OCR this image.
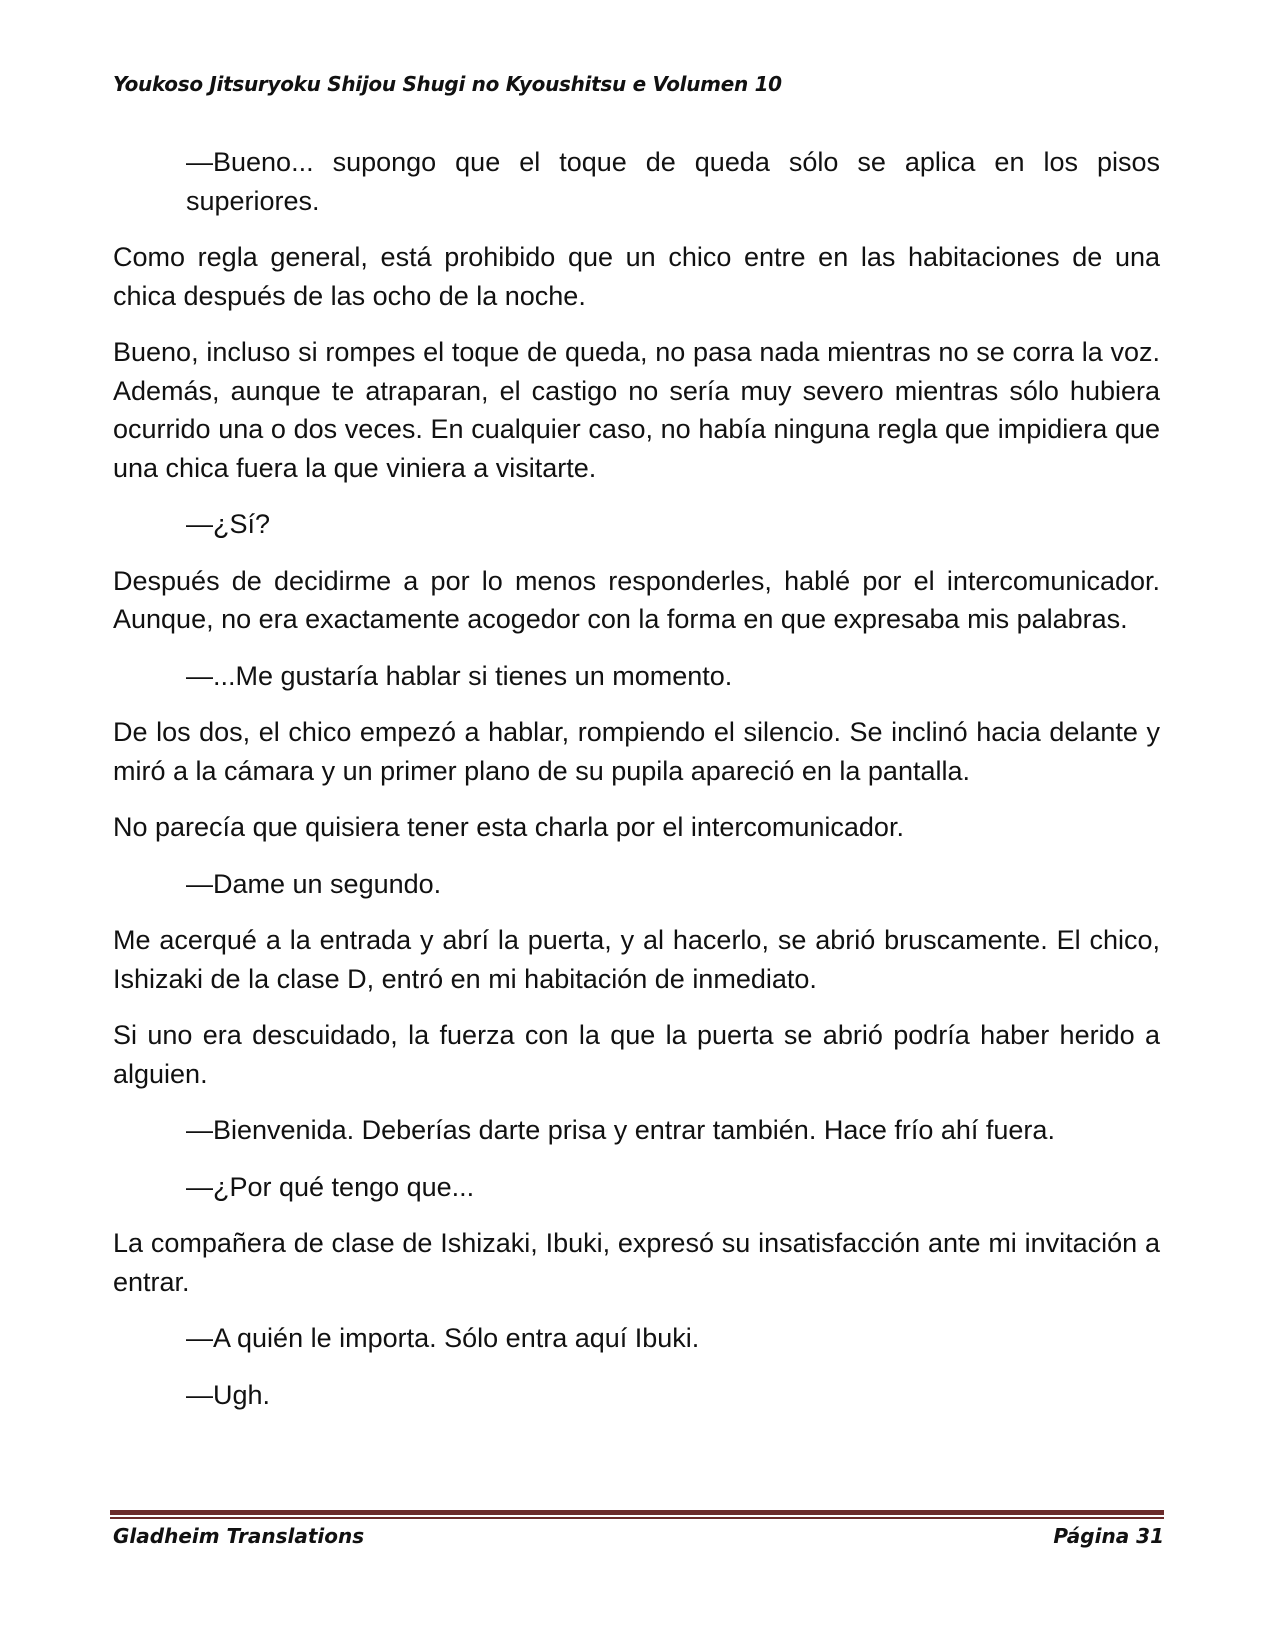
Youkoso Jitsuryoku Shijou Shugi no Kyoushitsu e Volumen 10

—Bueno... supongo que el toque de queda sólo se aplica en los pisos superiores.

Como regla general, está prohibido que un chico entre en las habitaciones de una chica después de las ocho de la noche.

Bueno, incluso si rompes el toque de queda, no pasa nada mientras no se corra la voz. Además, aunque te atraparan, el castigo no sería muy severo mientras sólo hubiera ocurrido una o dos veces. En cualquier caso, no había ninguna regla que impidiera que una chica fuera la que viniera a visitarte.

—¿Sí?

Después de decidirme a por lo menos responderles, hablé por el intercomunicador. Aunque, no era exactamente acogedor con la forma en que expresaba mis palabras.

—...Me gustaría hablar si tienes un momento.

De los dos, el chico empezó a hablar, rompiendo el silencio. Se inclinó hacia delante y miró a la cámara y un primer plano de su pupila apareció en la pantalla.

No parecía que quisiera tener esta charla por el intercomunicador.

—Dame un segundo.

Me acerqué a la entrada y abrí la puerta, y al hacerlo, se abrió bruscamente. El chico, Ishizaki de la clase D, entró en mi habitación de inmediato.

Si uno era descuidado, la fuerza con la que la puerta se abrió podría haber herido a alguien.

—Bienvenida. Deberías darte prisa y entrar también. Hace frío ahí fuera.

—¿Por qué tengo que...

La compañera de clase de Ishizaki, Ibuki, expresó su insatisfacción ante mi invitación a entrar.

—A quién le importa. Sólo entra aquí Ibuki.

—Ugh.

Gladheim Translations	Página 31
